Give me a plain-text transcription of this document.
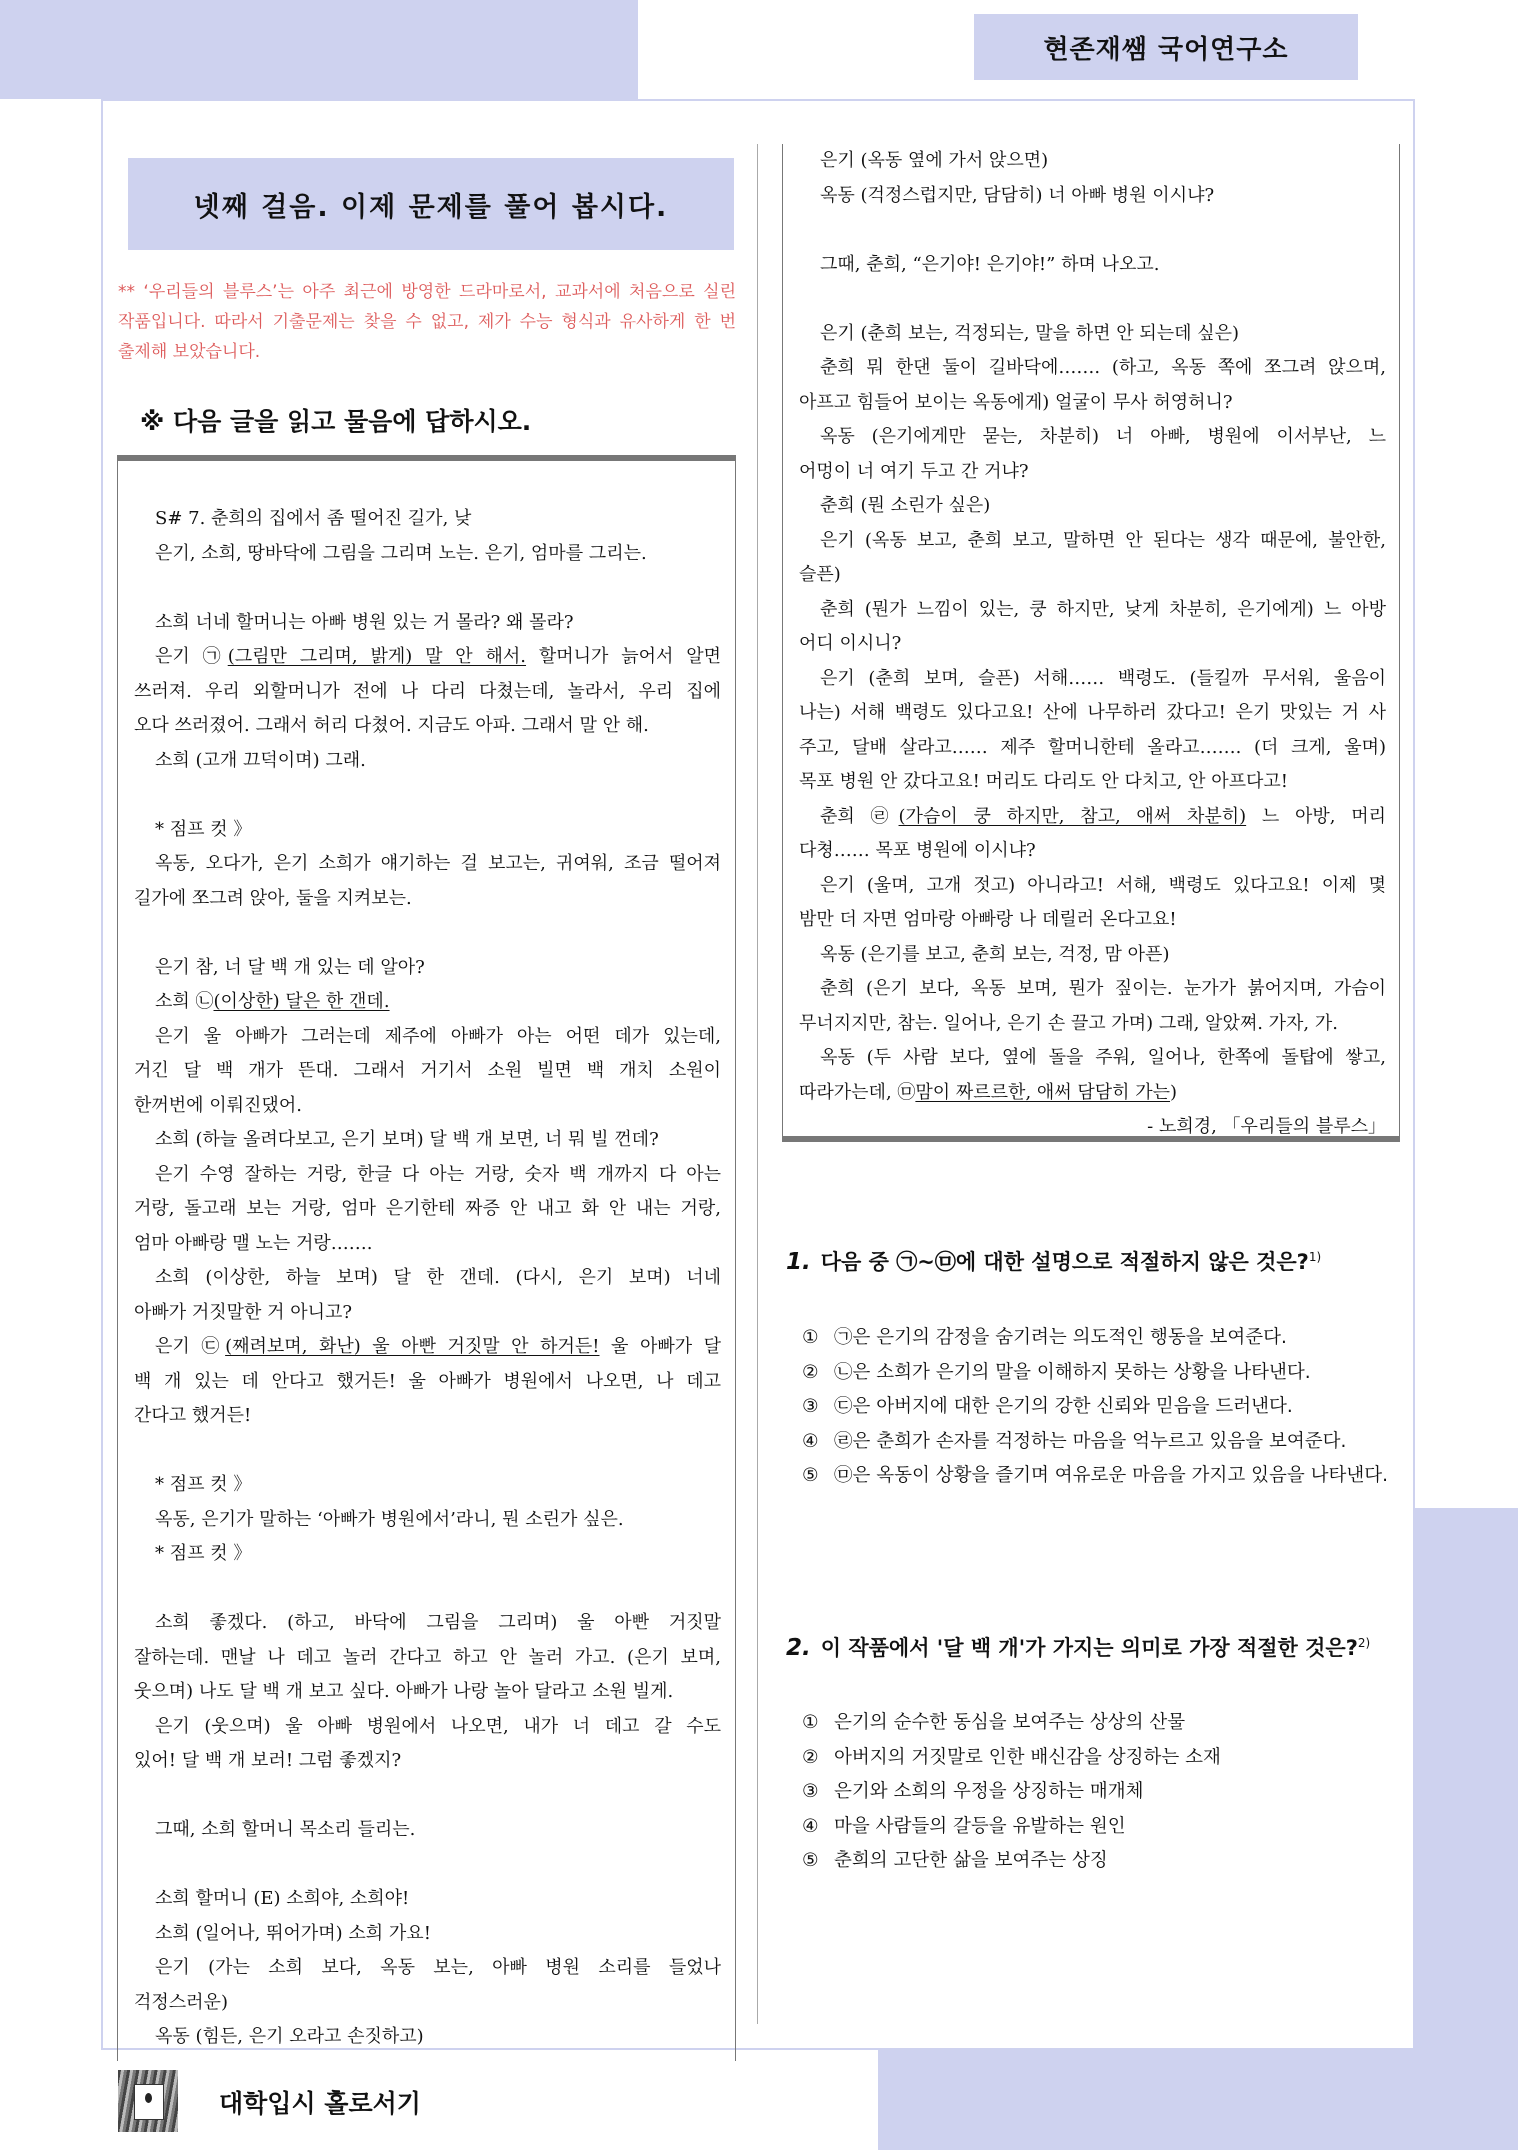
현존재쌤 국어연구소
넷째 걸음. 이제 문제를 풀어 봅시다.
** ‘우리들의 블루스’는 아주 최근에 방영한 드라마로서, 교과서에 처음으로 실린
작품입니다. 따라서 기출문제는 찾을 수 없고, 제가 수능 형식과 유사하게 한 번
출제해 보았습니다.
※ 다음 글을 읽고 물음에 답하시오.
S# 7. 춘희의 집에서 좀 떨어진 길가, 낮
은기, 소희, 땅바닥에 그림을 그리며 노는. 은기, 엄마를 그리는.
소희 너네 할머니는 아빠 병원 있는 거 몰라? 왜 몰라?
은기 ㉠(그림만 그리며, 밝게) 말 안 해서. 할머니가 늙어서 알면
쓰러져. 우리 외할머니가 전에 나 다리 다쳤는데, 놀라서, 우리 집에
오다 쓰러졌어. 그래서 허리 다쳤어. 지금도 아파. 그래서 말 안 해.
소희 (고개 끄덕이며) 그래.
* 점프 컷 》
옥동, 오다가, 은기 소희가 얘기하는 걸 보고는, 귀여워, 조금 떨어져
길가에 쪼그려 앉아, 둘을 지켜보는.
은기 참, 너 달 백 개 있는 데 알아?
소희 ㉡(이상한) 달은 한 갠데.
은기 울 아빠가 그러는데 제주에 아빠가 아는 어떤 데가 있는데,
거긴 달 백 개가 뜬대. 그래서 거기서 소원 빌면 백 개치 소원이
한꺼번에 이뤄진댔어.
소희 (하늘 올려다보고, 은기 보며) 달 백 개 보면, 너 뭐 빌 껀데?
은기 수영 잘하는 거랑, 한글 다 아는 거랑, 숫자 백 개까지 다 아는
거랑, 돌고래 보는 거랑, 엄마 은기한테 짜증 안 내고 화 안 내는 거랑,
엄마 아빠랑 맬 노는 거랑…….
소희 (이상한, 하늘 보며) 달 한 갠데. (다시, 은기 보며) 너네
아빠가 거짓말한 거 아니고?
은기 ㉢(째려보며, 화난) 울 아빤 거짓말 안 하거든! 울 아빠가 달
백 개 있는 데 안다고 했거든! 울 아빠가 병원에서 나오면, 나 데고
간다고 했거든!
* 점프 컷 》
옥동, 은기가 말하는 ‘아빠가 병원에서’라니, 뭔 소린가 싶은.
* 점프 컷 》
소희 좋겠다. (하고, 바닥에 그림을 그리며) 울 아빤 거짓말
잘하는데. 맨날 나 데고 놀러 간다고 하고 안 놀러 가고. (은기 보며,
웃으며) 나도 달 백 개 보고 싶다. 아빠가 나랑 놀아 달라고 소원 빌게.
은기 (웃으며) 울 아빠 병원에서 나오면, 내가 너 데고 갈 수도
있어! 달 백 개 보러! 그럼 좋겠지?
그때, 소희 할머니 목소리 들리는.
소희 할머니 (E) 소희야, 소희야!
소희 (일어나, 뛰어가며) 소희 가요!
은기 (가는 소희 보다, 옥동 보는, 아빠 병원 소리를 들었나
걱정스러운)
옥동 (힘든, 은기 오라고 손짓하고)
은기 (옥동 옆에 가서 앉으면)
옥동 (걱정스럽지만, 담담히) 너 아빠 병원 이시냐?
그때, 춘희, “은기야! 은기야!” 하며 나오고.
은기 (춘희 보는, 걱정되는, 말을 하면 안 되는데 싶은)
춘희 뭐 한댄 둘이 길바닥에……. (하고, 옥동 쪽에 쪼그려 앉으며,
아프고 힘들어 보이는 옥동에게) 얼굴이 무사 허영허니?
옥동 (은기에게만 묻는, 차분히) 너 아빠, 병원에 이서부난, 느
어멍이 너 여기 두고 간 거냐?
춘희 (뭔 소린가 싶은)
은기 (옥동 보고, 춘희 보고, 말하면 안 된다는 생각 때문에, 불안한,
슬픈)
춘희 (뭔가 느낌이 있는, 쿵 하지만, 낮게 차분히, 은기에게) 느 아방
어디 이시니?
은기 (춘희 보며, 슬픈) 서해…… 백령도. (들킬까 무서워, 울음이
나는) 서해 백령도 있다고요! 산에 나무하러 갔다고! 은기 맛있는 거 사
주고, 달배 살라고…… 제주 할머니한테 올라고……. (더 크게, 울며)
목포 병원 안 갔다고요! 머리도 다리도 안 다치고, 안 아프다고!
춘희 ㉣(가슴이 쿵 하지만, 참고, 애써 차분히) 느 아방, 머리
다쳥…… 목포 병원에 이시냐?
은기 (울며, 고개 젓고) 아니라고! 서해, 백령도 있다고요! 이제 몇
밤만 더 자면 엄마랑 아빠랑 나 데릴러 온다고요!
옥동 (은기를 보고, 춘희 보는, 걱정, 맘 아픈)
춘희 (은기 보다, 옥동 보며, 뭔가 짚이는. 눈가가 붉어지며, 가슴이
무너지지만, 참는. 일어나, 은기 손 끌고 가며) 그래, 알았쪄. 가자, 가.
옥동 (두 사람 보다, 옆에 돌을 주워, 일어나, 한쪽에 돌탑에 쌓고,
따라가는데, ㉤맘이 짜르르한, 애써 담담히 가는)
- 노희경, 「우리들의 블루스」
1. 다음 중 ㉠~㉤에 대한 설명으로 적절하지 않은 것은?$^{1)}$
① ㉠은 은기의 감정을 숨기려는 의도적인 행동을 보여준다.
② ㉡은 소희가 은기의 말을 이해하지 못하는 상황을 나타낸다.
③ ㉢은 아버지에 대한 은기의 강한 신뢰와 믿음을 드러낸다.
④ ㉣은 춘희가 손자를 걱정하는 마음을 억누르고 있음을 보여준다.
⑤ ㉤은 옥동이 상황을 즐기며 여유로운 마음을 가지고 있음을 나타낸다.
2. 이 작품에서 '달 백 개'가 가지는 의미로 가장 적절한 것은?$^{2)}$
① 은기의 순수한 동심을 보여주는 상상의 산물
② 아버지의 거짓말로 인한 배신감을 상징하는 소재
③ 은기와 소희의 우정을 상징하는 매개체
④ 마을 사람들의 갈등을 유발하는 원인
⑤ 춘희의 고단한 삶을 보여주는 상징
대학입시 홀로서기
